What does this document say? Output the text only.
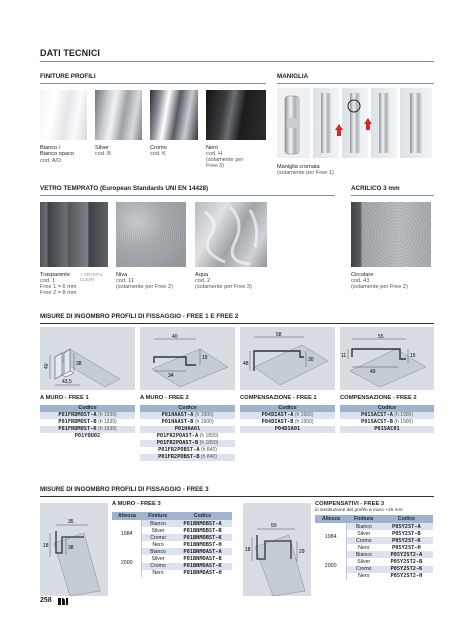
DATI TECNICI
FINITURE PROFILI
Bianco /
Bianco opaco
cod. A/D
Silver
cod. B
Cromo
cod. K
Nero
cod. H
(solamente per
Free 3)
MANIGLIA
Maniglia cromata
(solamente per Free 1)
VETRO TEMPRATO (European Standards UNI EN 14428)
Trasparente
cod. 1
Free 1 = 6 mm
Free 2 = 8 mm
+ CRYSTAL
CLEAR
Niva
cod. 11
(solamente per Free 2)
Aqua
cod. 2
(solamente per Free 3)
ACRILICO 3 mm
Circolare
cod. 43
(solamente per Free 2)
MISURE DI INGOMBRO PROFILI DI FISSAGGIO - FREE 1 E FREE 2
40	38
43,5
40
15
34
58
48
30
55
11	15
49
A MURO - FREE 1	A MURO - FREE 2	COMPENSAZIONE - FREE 1	COMPENSAZIONE - FREE 2
Codice
P01FRDMOST-A (h 1939)
P01FRDMOST-B (h 1939)
P01FRDMOST-K (h 1939)
P01YOU02
Codice
P01HAAST-A (h 1900)
P01HAAST-B (h 1900)
P01HAA01
P01FR2POAST-A (h 1890)
P01FR2POAST-B (h 1890)
P01FR2POBST-A (h 840)
P01FR2POBST-B (h 840)
Codice
P04DIAST-A (h 1960)
P04DIAST-B (h 1950)
P04DIA01
Codice
P01SACST-A (h 1900)
P01SACST-B (h 1900)
P01SAC01
MISURE DI INGOMBRO PROFILI DI FISSAGGIO - FREE 3
A MURO - FREE 3	COMPENSATIVI - FREE 3
in sostituzione del profilo a muro +15 mm
35
18	38
50
18	29
Altezza	Finiture	Codice
1984	Bianco	P01BNMOBST-A
	Silver	P01BNMOBST-B
	Cromo	P01BNMOBST-K
	Nero	P01BNMOBST-H
2000	Bianco	P01BNMOAST-A
	Silver	P01BNMOAST-B
	Cromo	P01BNMOAST-K
	Nero	P01BNMOAST-H
Altezza	Finitura	Codice
1984	Bianco	P05Y2ST-A
	Silver	P05Y2ST-B
	Cromo	P05Y2ST-K
	Nero	P05Y2ST-H
2000	Bianco	P05Y2ST2-A
	Silver	P05Y2ST2-B
	Cromo	P05Y2ST2-K
	Nero	P05Y2ST2-H
258
